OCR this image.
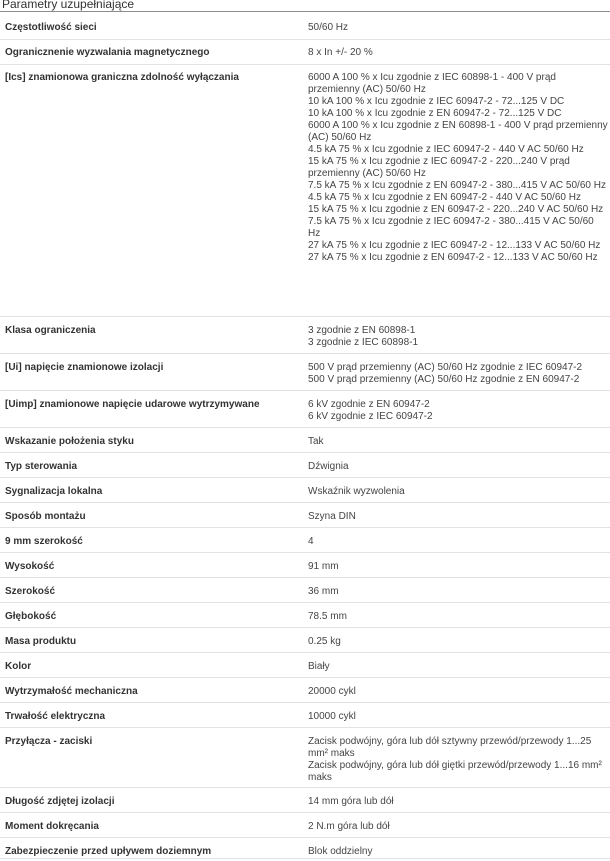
Parametry uzupełniające
Częstotliwość sieci	50/60 Hz
Ogranicznenie wyzwalania magnetycznego	8 x In +/- 20 %
[Ics] znamionowa graniczna zdolność wyłączania	6000 A 100 % x Icu zgodnie z IEC 60898-1 - 400 V prąd przemienny (AC) 50/60 Hz
10 kA 100 % x Icu zgodnie z IEC 60947-2 - 72...125 V DC
10 kA 100 % x Icu zgodnie z EN 60947-2 - 72...125 V DC
6000 A 100 % x Icu zgodnie z EN 60898-1 - 400 V prąd przemienny (AC) 50/60 Hz
4.5 kA 75 % x Icu zgodnie z IEC 60947-2 - 440 V AC 50/60 Hz
15 kA 75 % x Icu zgodnie z IEC 60947-2 - 220...240 V prąd przemienny (AC) 50/60 Hz
7.5 kA 75 % x Icu zgodnie z EN 60947-2 - 380...415 V AC 50/60 Hz
4.5 kA 75 % x Icu zgodnie z EN 60947-2 - 440 V AC 50/60 Hz
15 kA 75 % x Icu zgodnie z EN 60947-2 - 220...240 V AC 50/60 Hz
7.5 kA 75 % x Icu zgodnie z IEC 60947-2 - 380...415 V AC 50/60 Hz
27 kA 75 % x Icu zgodnie z IEC 60947-2 - 12...133 V AC 50/60 Hz
27 kA 75 % x Icu zgodnie z EN 60947-2 - 12...133 V AC 50/60 Hz
Klasa ograniczenia	3 zgodnie z EN 60898-1
3 zgodnie z IEC 60898-1
[Ui] napięcie znamionowe izolacji	500 V prąd przemienny (AC) 50/60 Hz zgodnie z IEC 60947-2
500 V prąd przemienny (AC) 50/60 Hz zgodnie z EN 60947-2
[Uimp] znamionowe napięcie udarowe wytrzymywane	6 kV zgodnie z EN 60947-2
6 kV zgodnie z IEC 60947-2
Wskazanie położenia styku	Tak
Typ sterowania	Dźwignia
Sygnalizacja lokalna	Wskaźnik wyzwolenia
Sposób montażu	Szyna DIN
9 mm szerokość	4
Wysokość	91 mm
Szerokość	36 mm
Głębokość	78.5 mm
Masa produktu	0.25 kg
Kolor	Biały
Wytrzymałość mechaniczna	20000 cykl
Trwałość elektryczna	10000 cykl
Przyłącza - zaciski	Zacisk podwójny, góra lub dół sztywny przewód/przewody 1...25 mm² maks
Zacisk podwójny, góra lub dół giętki przewód/przewody 1...16 mm² maks
Długość zdjętej izolacji	14 mm góra lub dół
Moment dokręcania	2 N.m góra lub dół
Zabezpieczenie przed upływem doziemnym	Blok oddzielny
